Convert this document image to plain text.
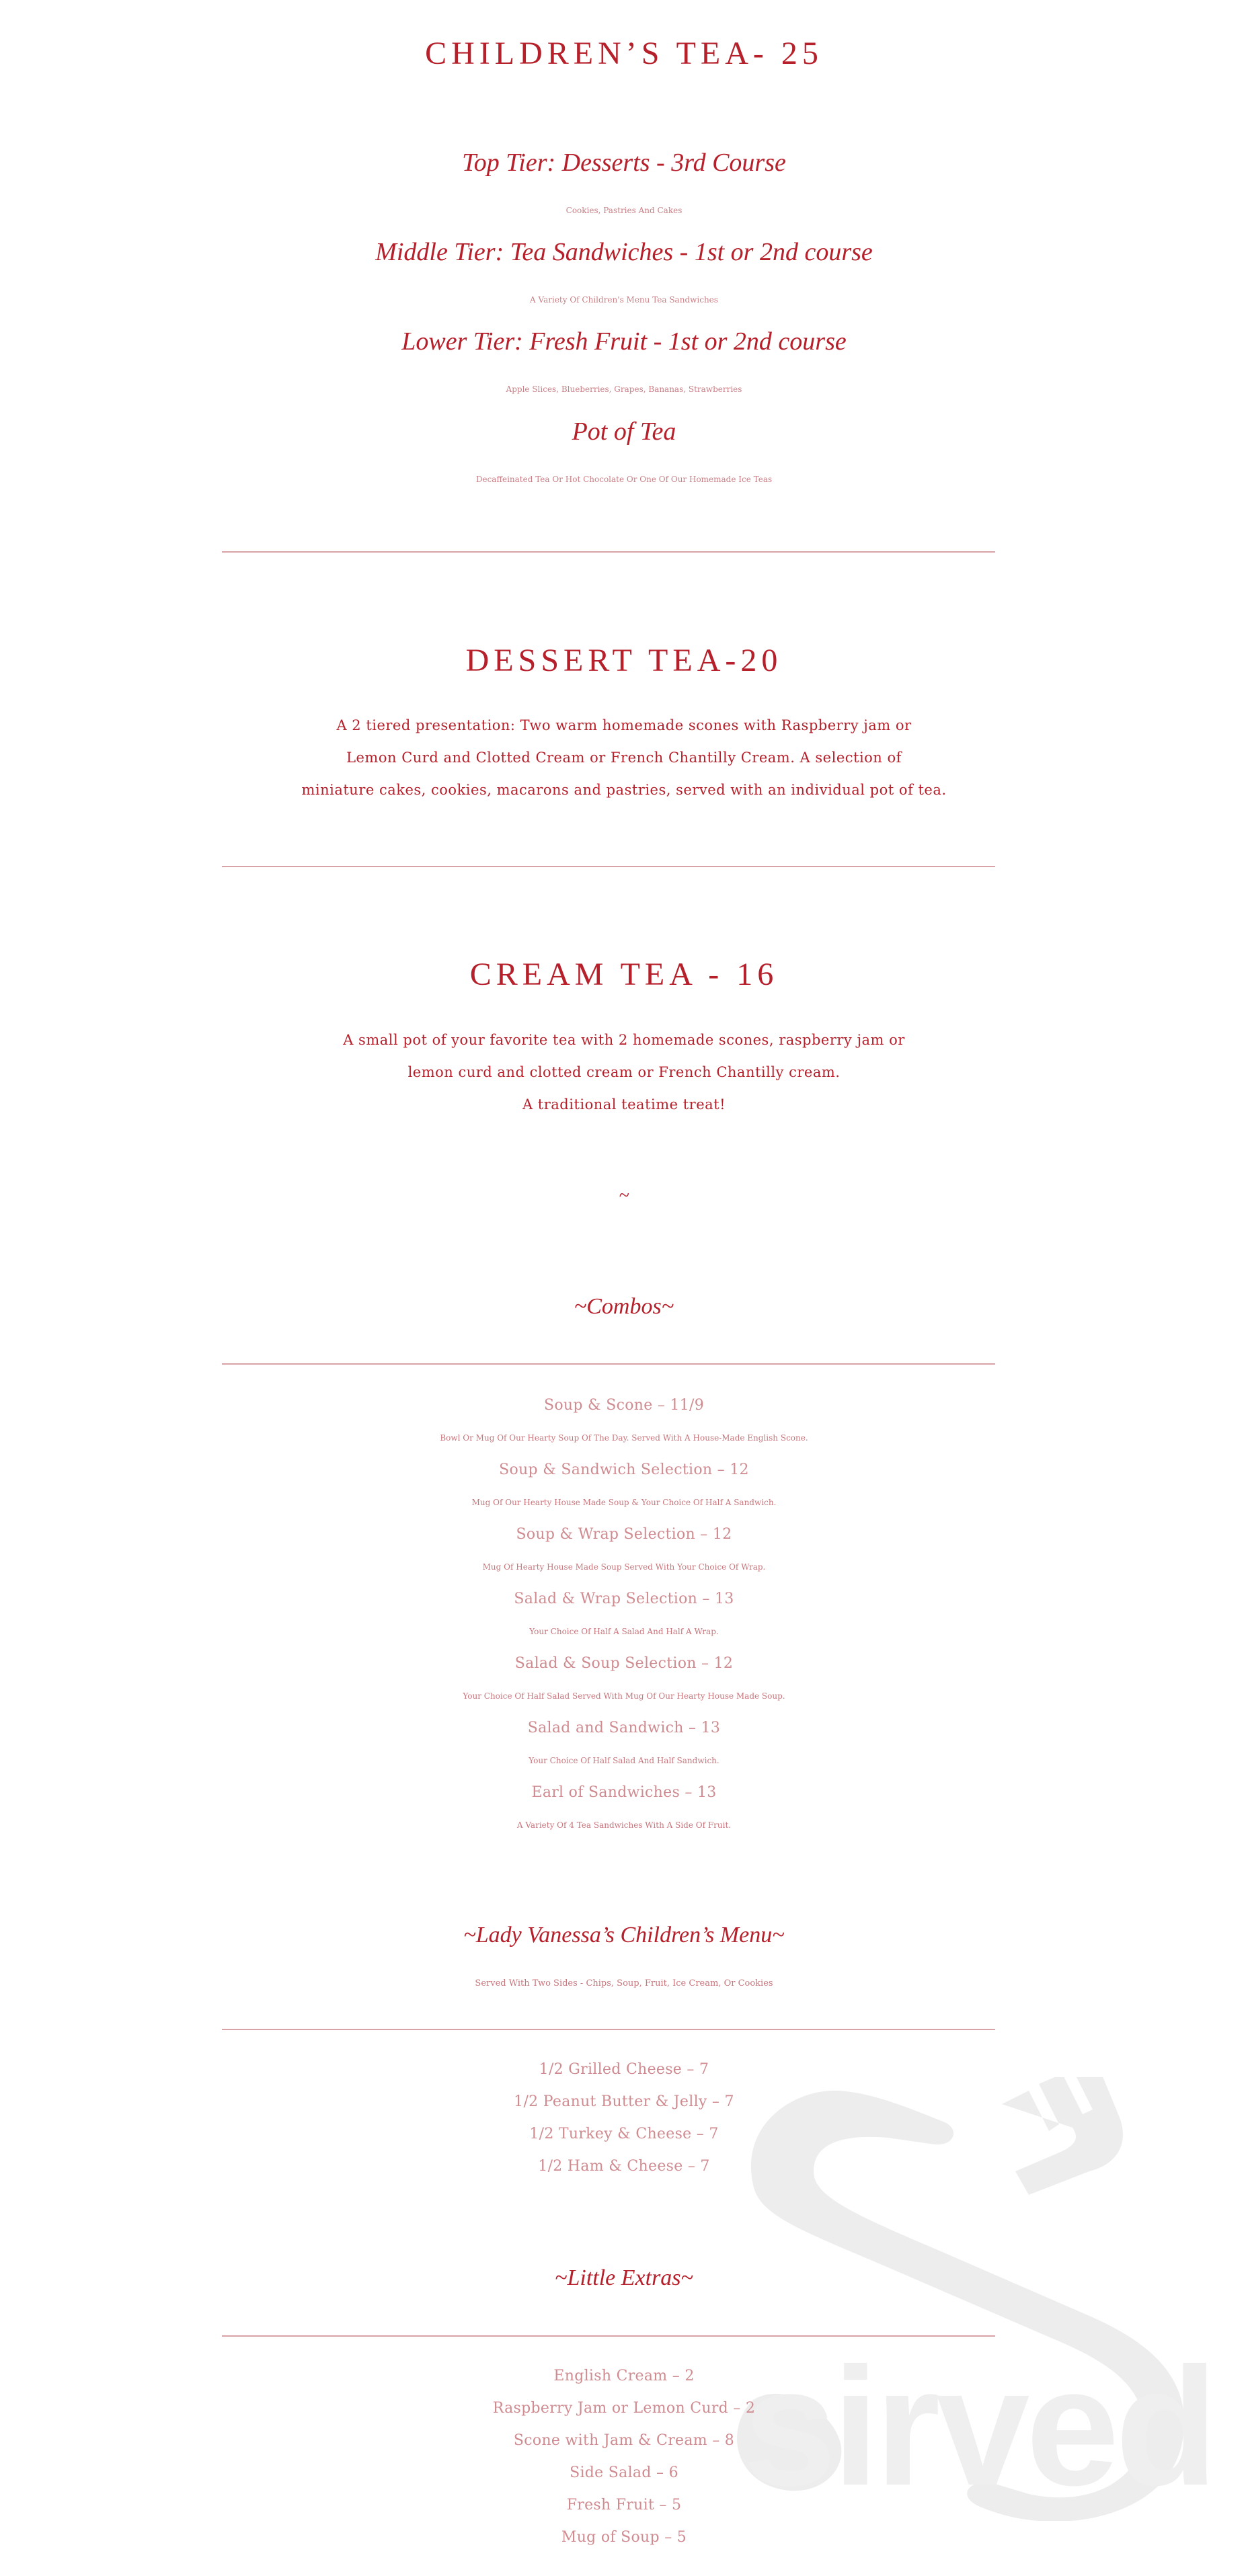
sirved
CHILDREN’S TEA- 25
Top Tier: Desserts - 3rd Course
Cookies, Pastries And Cakes
Middle Tier: Tea Sandwiches - 1st or 2nd course
A Variety Of Children's Menu Tea Sandwiches
Lower Tier: Fresh Fruit - 1st or 2nd course
Apple Slices, Blueberries, Grapes, Bananas, Strawberries
Pot of Tea
Decaffeinated Tea Or Hot Chocolate Or One Of Our Homemade Ice Teas
DESSERT TEA-20
A 2 tiered presentation: Two warm homemade scones with Raspberry jam or
Lemon Curd and Clotted Cream or French Chantilly Cream. A selection of
miniature cakes, cookies, macarons and pastries, served with an individual pot of tea.
CREAM TEA - 16
A small pot of your favorite tea with 2 homemade scones, raspberry jam or
lemon curd and clotted cream or French Chantilly cream.
A traditional teatime treat!
~
~Combos~
Soup & Scone – 11/9
Bowl Or Mug Of Our Hearty Soup Of The Day. Served With A House-Made English Scone.
Soup & Sandwich Selection – 12
Mug Of Our Hearty House Made Soup & Your Choice Of Half A Sandwich.
Soup & Wrap Selection – 12
Mug Of Hearty House Made Soup Served With Your Choice Of Wrap.
Salad & Wrap Selection – 13
Your Choice Of Half A Salad And Half A Wrap.
Salad & Soup Selection – 12
Your Choice Of Half Salad Served With Mug Of Our Hearty House Made Soup.
Salad and Sandwich – 13
Your Choice Of Half Salad And Half Sandwich.
Earl of Sandwiches – 13
A Variety Of 4 Tea Sandwiches With A Side Of Fruit.
~Lady Vanessa’s Children’s Menu~
Served With Two Sides - Chips, Soup, Fruit, Ice Cream, Or Cookies
1/2 Grilled Cheese – 7
1/2 Peanut Butter & Jelly – 7
1/2 Turkey & Cheese – 7
1/2 Ham & Cheese – 7
~Little Extras~
English Cream – 2
Raspberry Jam or Lemon Curd – 2
Scone with Jam & Cream – 8
Side Salad – 6
Fresh Fruit – 5
Mug of Soup – 5
